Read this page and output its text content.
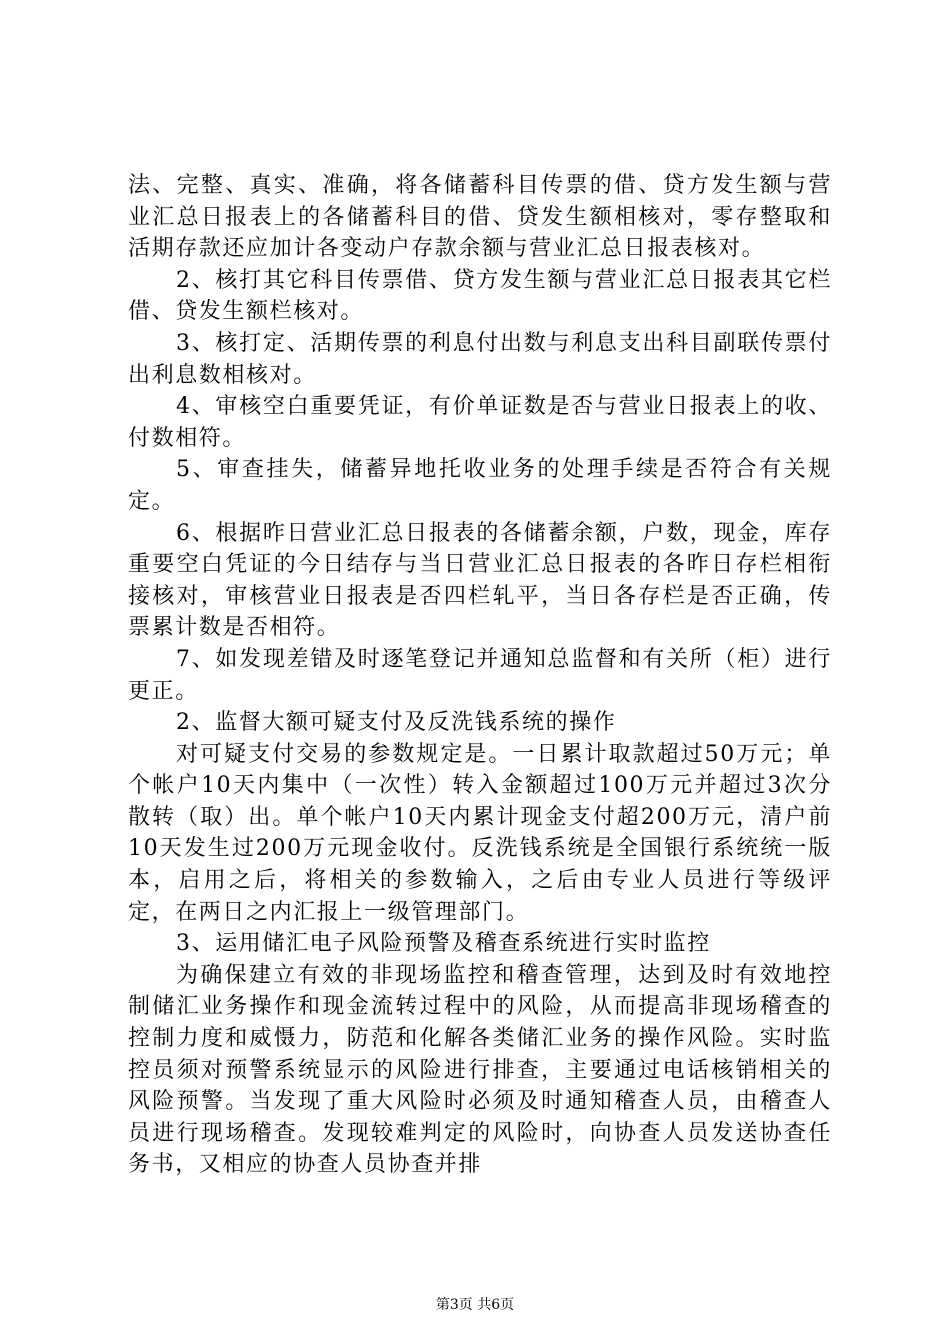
法、完整、真实、准确，将各储蓄科目传票的借、贷方发生额与营业汇总日报表上的各储蓄科目的借、贷发生额相核对，零存整取和活期存款还应加计各变动户存款余额与营业汇总日报表核对。

2、核打其它科目传票借、贷方发生额与营业汇总日报表其它栏借、贷发生额栏核对。

3、核打定、活期传票的利息付出数与利息支出科目副联传票付出利息数相核对。

4、审核空白重要凭证，有价单证数是否与营业日报表上的收、付数相符。

5、审查挂失，储蓄异地托收业务的处理手续是否符合有关规定。

6、根据昨日营业汇总日报表的各储蓄余额，户数，现金，库存重要空白凭证的今日结存与当日营业汇总日报表的各昨日存栏相衔接核对，审核营业日报表是否四栏轧平，当日各存栏是否正确，传票累计数是否相符。

7、如发现差错及时逐笔登记并通知总监督和有关所（柜）进行更正。

2、监督大额可疑支付及反洗钱系统的操作

对可疑支付交易的参数规定是。一日累计取款超过50万元；单个帐户10天内集中（一次性）转入金额超过100万元并超过3次分散转（取）出。单个帐户10天内累计现金支付超200万元，清户前10天发生过200万元现金收付。反洗钱系统是全国银行系统统一版本，启用之后，将相关的参数输入，之后由专业人员进行等级评定，在两日之内汇报上一级管理部门。

3、运用储汇电子风险预警及稽查系统进行实时监控

为确保建立有效的非现场监控和稽查管理，达到及时有效地控制储汇业务操作和现金流转过程中的风险，从而提高非现场稽查的控制力度和威慑力，防范和化解各类储汇业务的操作风险。实时监控员须对预警系统显示的风险进行排查，主要通过电话核销相关的风险预警。当发现了重大风险时必须及时通知稽查人员，由稽查人员进行现场稽查。发现较难判定的风险时，向协查人员发送协查任务书，又相应的协查人员协查并排

第3页 共6页
